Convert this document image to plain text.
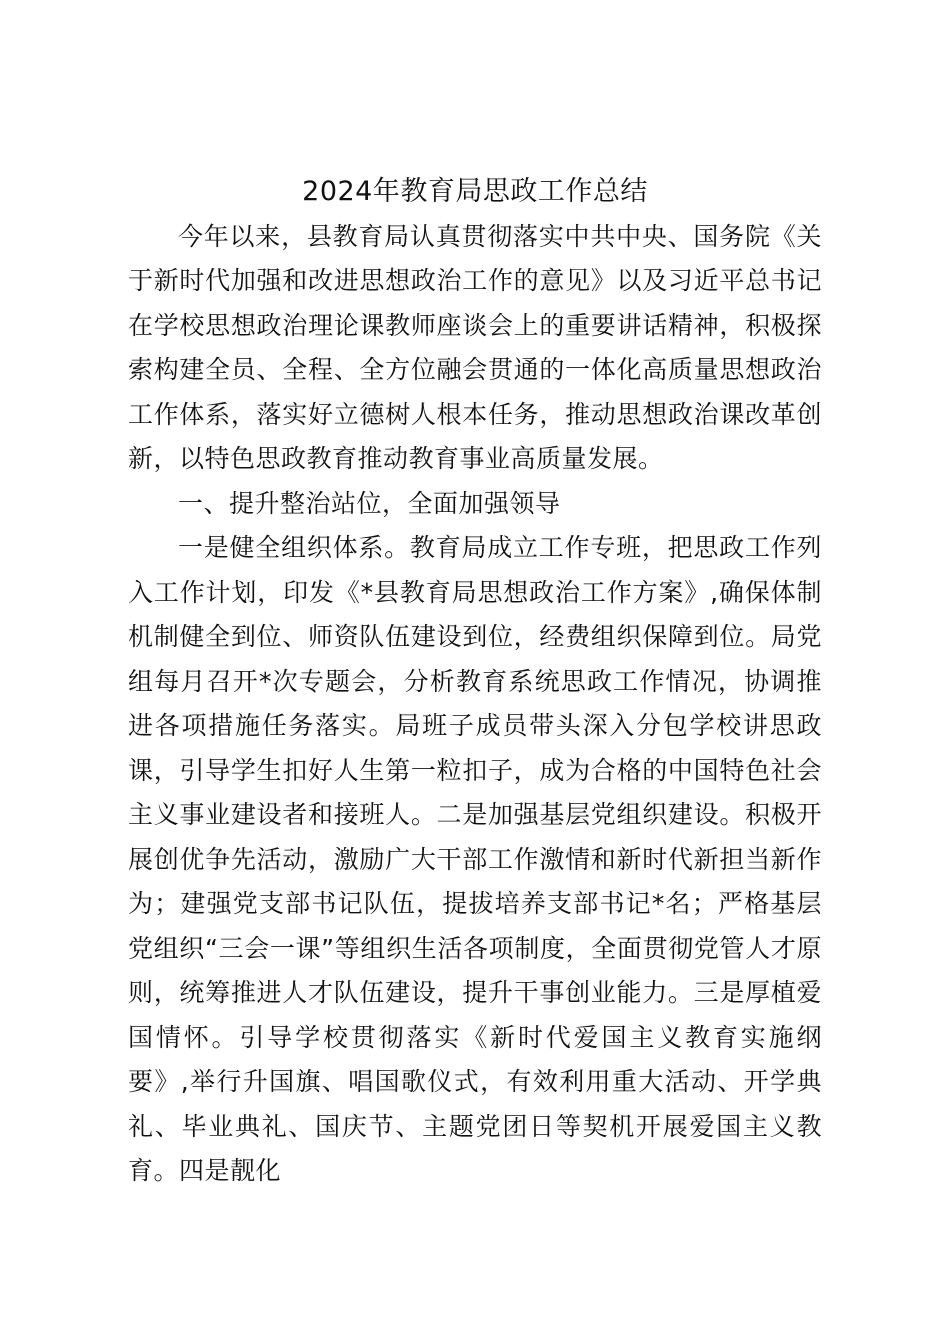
2024年教育局思政工作总结

今年以来，县教育局认真贯彻落实中共中央、国务院《关于新时代加强和改进思想政治工作的意见》以及习近平总书记在学校思想政治理论课教师座谈会上的重要讲话精神，积极探索构建全员、全程、全方位融会贯通的一体化高质量思想政治工作体系，落实好立德树人根本任务，推动思想政治课改革创新，以特色思政教育推动教育事业高质量发展。

一、提升整治站位，全面加强领导

一是健全组织体系。教育局成立工作专班，把思政工作列入工作计划，印发《*县教育局思想政治工作方案》,确保体制机制健全到位、师资队伍建设到位，经费组织保障到位。局党组每月召开*次专题会，分析教育系统思政工作情况，协调推进各项措施任务落实。局班子成员带头深入分包学校讲思政课，引导学生扣好人生第一粒扣子，成为合格的中国特色社会主义事业建设者和接班人。二是加强基层党组织建设。积极开展创优争先活动，激励广大干部工作激情和新时代新担当新作为；建强党支部书记队伍，提拔培养支部书记*名；严格基层党组织“三会一课”等组织生活各项制度，全面贯彻党管人才原则，统筹推进人才队伍建设，提升干事创业能力。三是厚植爱国情怀。引导学校贯彻落实《新时代爱国主义教育实施纲要》,举行升国旗、唱国歌仪式，有效利用重大活动、开学典礼、毕业典礼、国庆节、主题党团日等契机开展爱国主义教育。四是靓化
